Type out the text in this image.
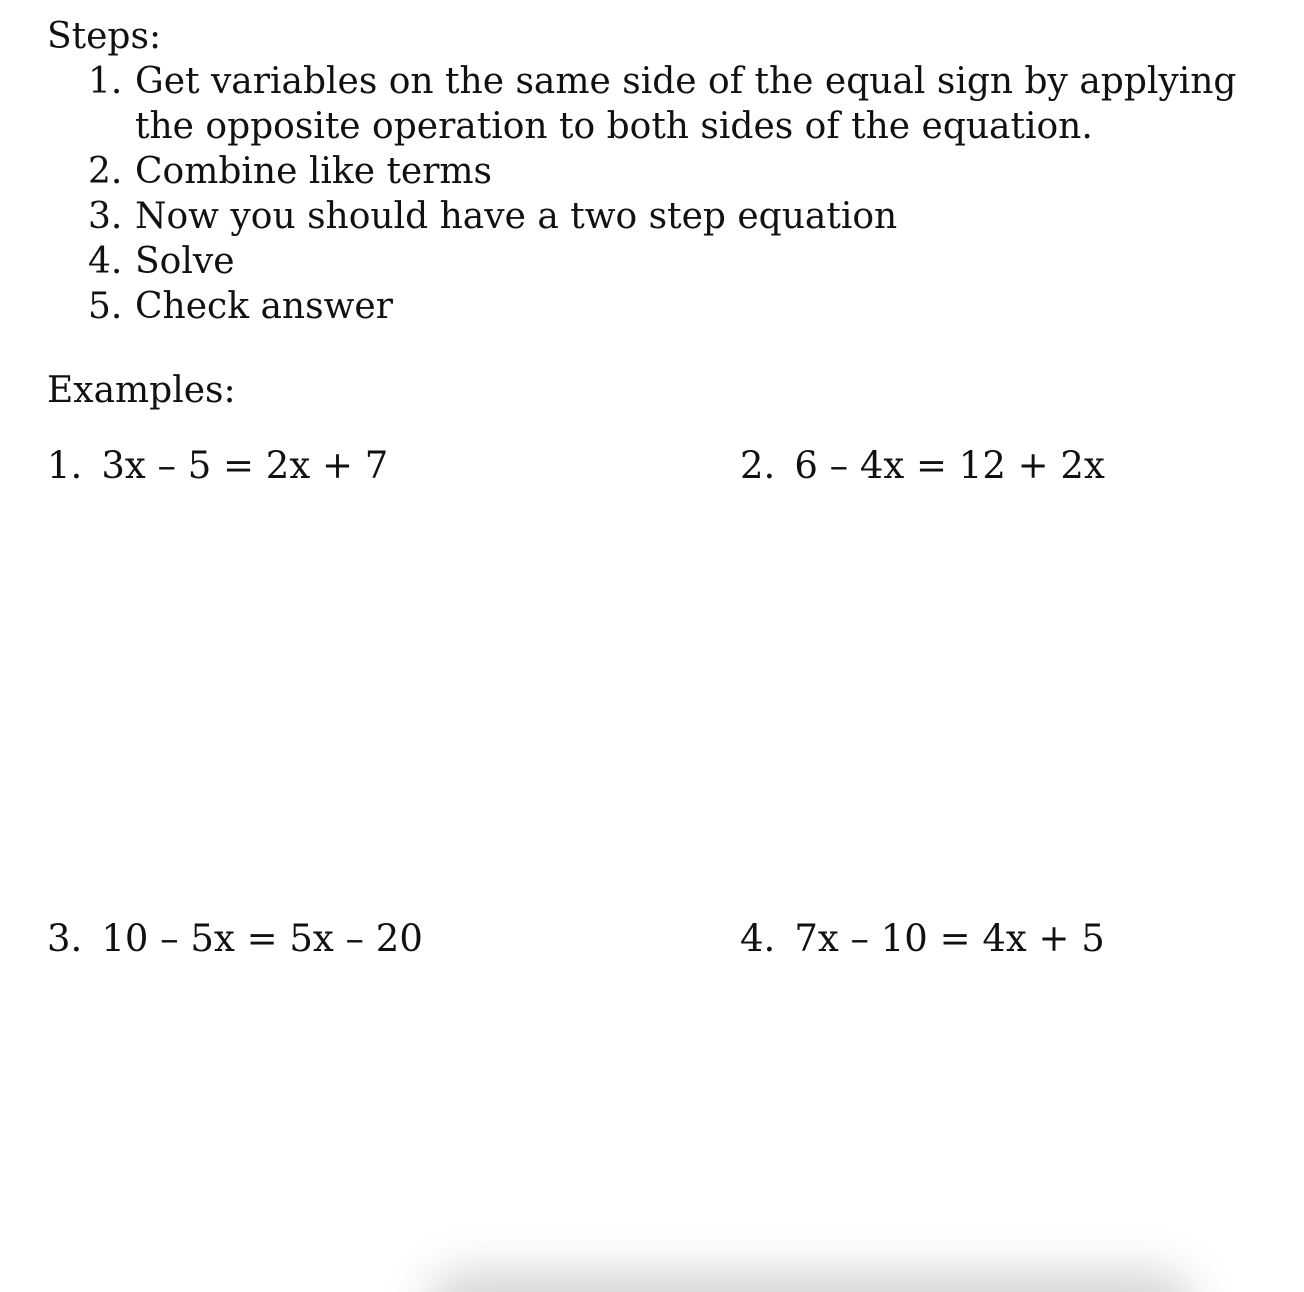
Steps:
1. Get variables on the same side of the equal sign by applying the opposite operation to both sides of the equation.
2. Combine like terms
3. Now you should have a two step equation
4. Solve
5. Check answer
Examples:
1. 3x – 5 = 2x + 7	2. 6 – 4x = 12 + 2x
3. 10 – 5x = 5x – 20	4. 7x – 10 = 4x + 5
